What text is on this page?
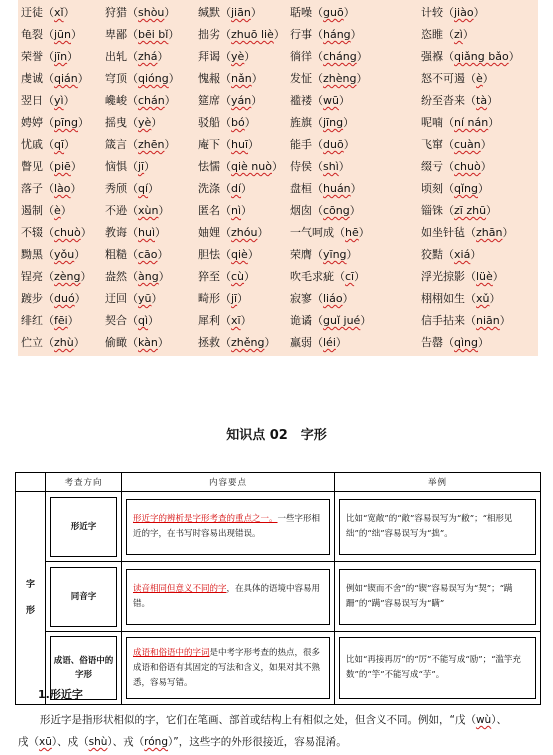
迂徒（xǐ）	狩猎（shòu） 缄默（jiān）	聒噪（guō）	计较（jiào）
龟裂（jūn） 卑鄙（bēi bǐ） 拙劣（zhuō liè） 行事（háng）	恣睢（zì）
荣誉（jīn） 出轧（zhá）	拜谒（yè）	徜徉（cháng）	强褓（qiǎng bǎo）
虔诚（qián） 穹顶（qióng） 愧赧（nǎn） 发怔（zhèng）	怒不可遏（è）
翌日（yì）	巉峻（chán） 筵席（yán）	褴褛（wū）	纷至沓来（tà）
娉婷（pīng） 摇曳（yè）	驳船（bó）	旌旗（jīng）	呢喃（ní nán）
忧戚（qī）	箴言（zhēn） 庵下（huī）	能手（duō）	飞窜（cuàn）
瞥见（piē） 恼惧（jī）	怯懦（qiè nuò） 侍侯（shì）	缀亏（chuò）
落子（lào） 秀颀（qí）	洗涤（dí）	盘桓（huán）	顷刻（qǐng）
遏制（è）	不逊（xùn）	匿名（nì）	烟囱（cōng）	锱铢（zī zhū）
不辍（chuò） 教诲（huì）	妯娌（zhóu） 一气呵成（hē）	如坐针毡（zhān）
黝黑（yǒu） 粗糙（cāo）	胆怯（qiè）	荣膺（yīng）	狡黠（xiá）
锃亮（zèng） 盎然（àng）	猝至（cù）	吹毛求疵（cī）	浮光掠影（lüè）
踱步（duó） 迂回（yū）	畸形（jī）	寂寥（liáo）	栩栩如生（xǔ）
绯红（fēi） 契合（qì）	犀利（xī）	诡谲（guǐ jué）	信手拈来（niān）
伫立（zhù） 偷瞰（kàn）	拯救（zhěng） 羸弱（léi）	告罄（qìng）
知识点 02　字形
	考查方向	内容要点	举例

字
形	形近字	形近字的辨析是字形考查的重点之一。一些字形相近的字，在书写时容易出现错误。	比如“宽敞”的“敞”容易误写为“敝”；“相形见绌”的“绌”容易误写为“拙”。

同音字	读音相同但意义不同的字，在具体的语境中容易用错。	例如“锲而不舍”的“锲”容易误写为“契”；“蹒跚”的“蹒”容易误写为“瞒”

成语、俗语中的字形	成语和俗语中的字词是中考字形考查的热点，很多成语和俗语有其固定的写法和含义，如果对其不熟悉，容易写错。	比如“再接再厉”的“厉”不能写成“励”；“滥竽充数”的“竽”不能写成“芋”。
1.形近字
形近字是指形状相似的字，它们在笔画、部首或结构上有相似之处，但含义不同。例如，“戊（wù）、
戌（xū）、戍（shù）、戎（róng）”，这些字的外形很接近，容易混淆。
